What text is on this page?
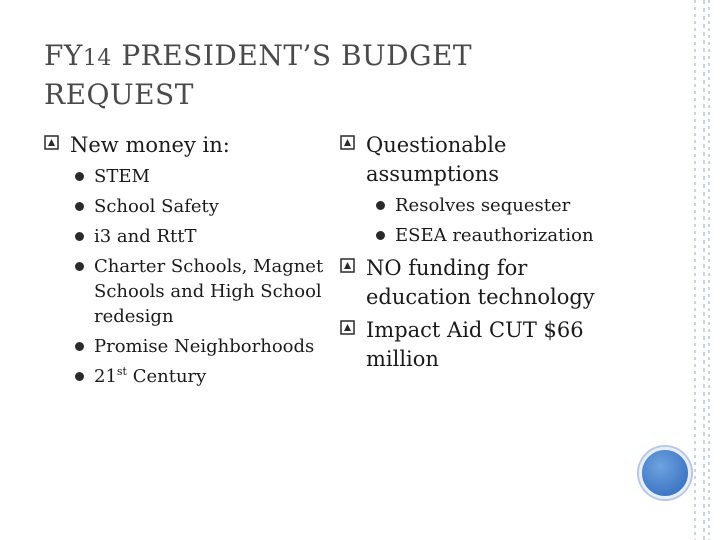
FY14 PRESIDENT’S BUDGET
REQUEST
New money in:
STEM
School Safety
i3 and RttT
Charter Schools, Magnet Schools and High School redesign
Promise Neighborhoods
21st Century
Questionable assumptions
Resolves sequester
ESEA reauthorization
NO funding for education technology
Impact Aid CUT $66 million
